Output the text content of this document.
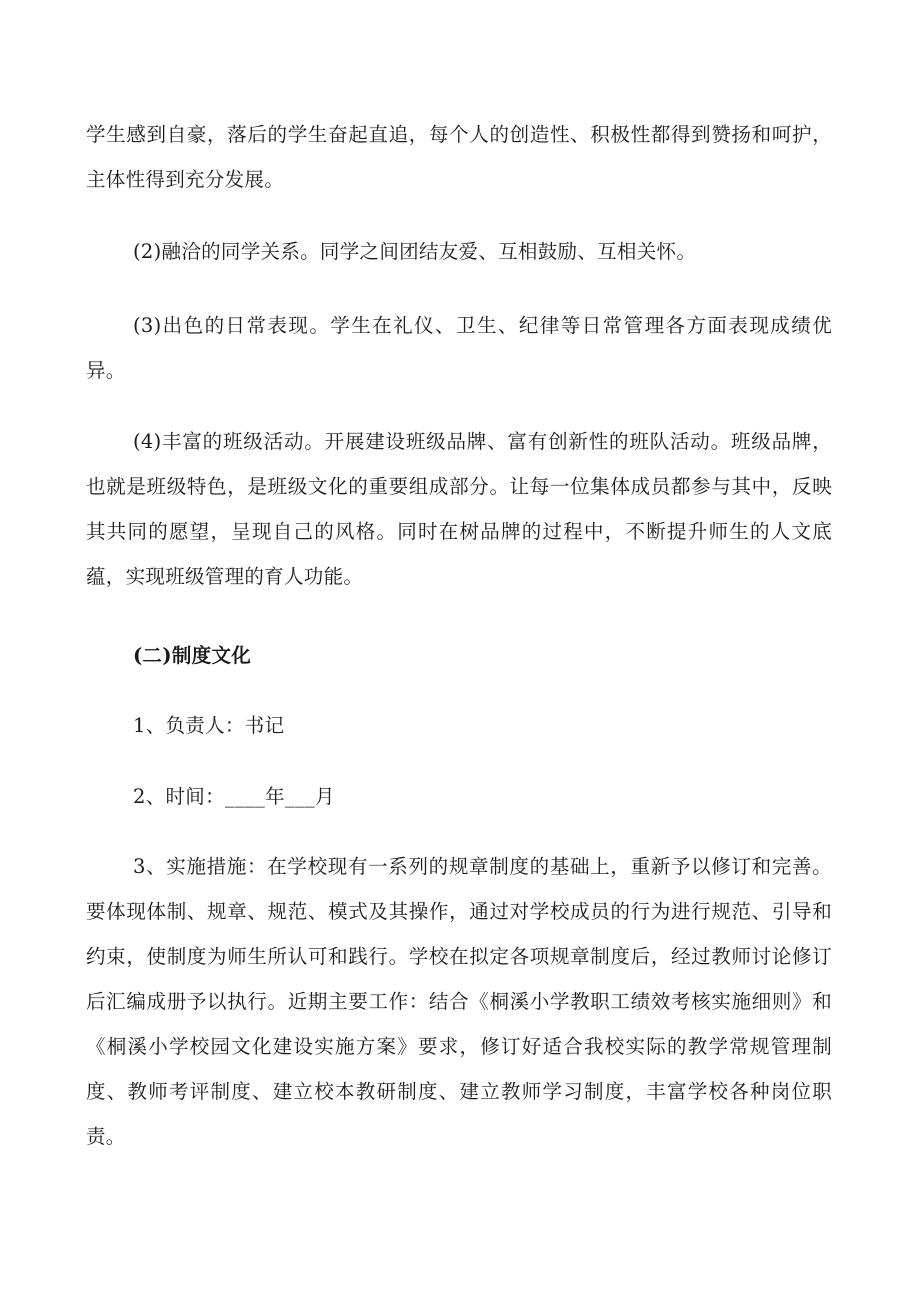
学生感到自豪，落后的学生奋起直追，每个人的创造性、积极性都得到赞扬和呵护，主体性得到充分发展。

(2)融洽的同学关系。同学之间团结友爱、互相鼓励、互相关怀。

(3)出色的日常表现。学生在礼仪、卫生、纪律等日常管理各方面表现成绩优异。

(4)丰富的班级活动。开展建设班级品牌、富有创新性的班队活动。班级品牌，也就是班级特色，是班级文化的重要组成部分。让每一位集体成员都参与其中，反映其共同的愿望，呈现自己的风格。同时在树品牌的过程中，不断提升师生的人文底蕴，实现班级管理的育人功能。

(二)制度文化

1、负责人：书记

2、时间：____年___月

3、实施措施：在学校现有一系列的规章制度的基础上，重新予以修订和完善。要体现体制、规章、规范、模式及其操作，通过对学校成员的行为进行规范、引导和约束，使制度为师生所认可和践行。学校在拟定各项规章制度后，经过教师讨论修订后汇编成册予以执行。近期主要工作：结合《桐溪小学教职工绩效考核实施细则》和《桐溪小学校园文化建设实施方案》要求，修订好适合我校实际的教学常规管理制度、教师考评制度、建立校本教研制度、建立教师学习制度，丰富学校各种岗位职责。
